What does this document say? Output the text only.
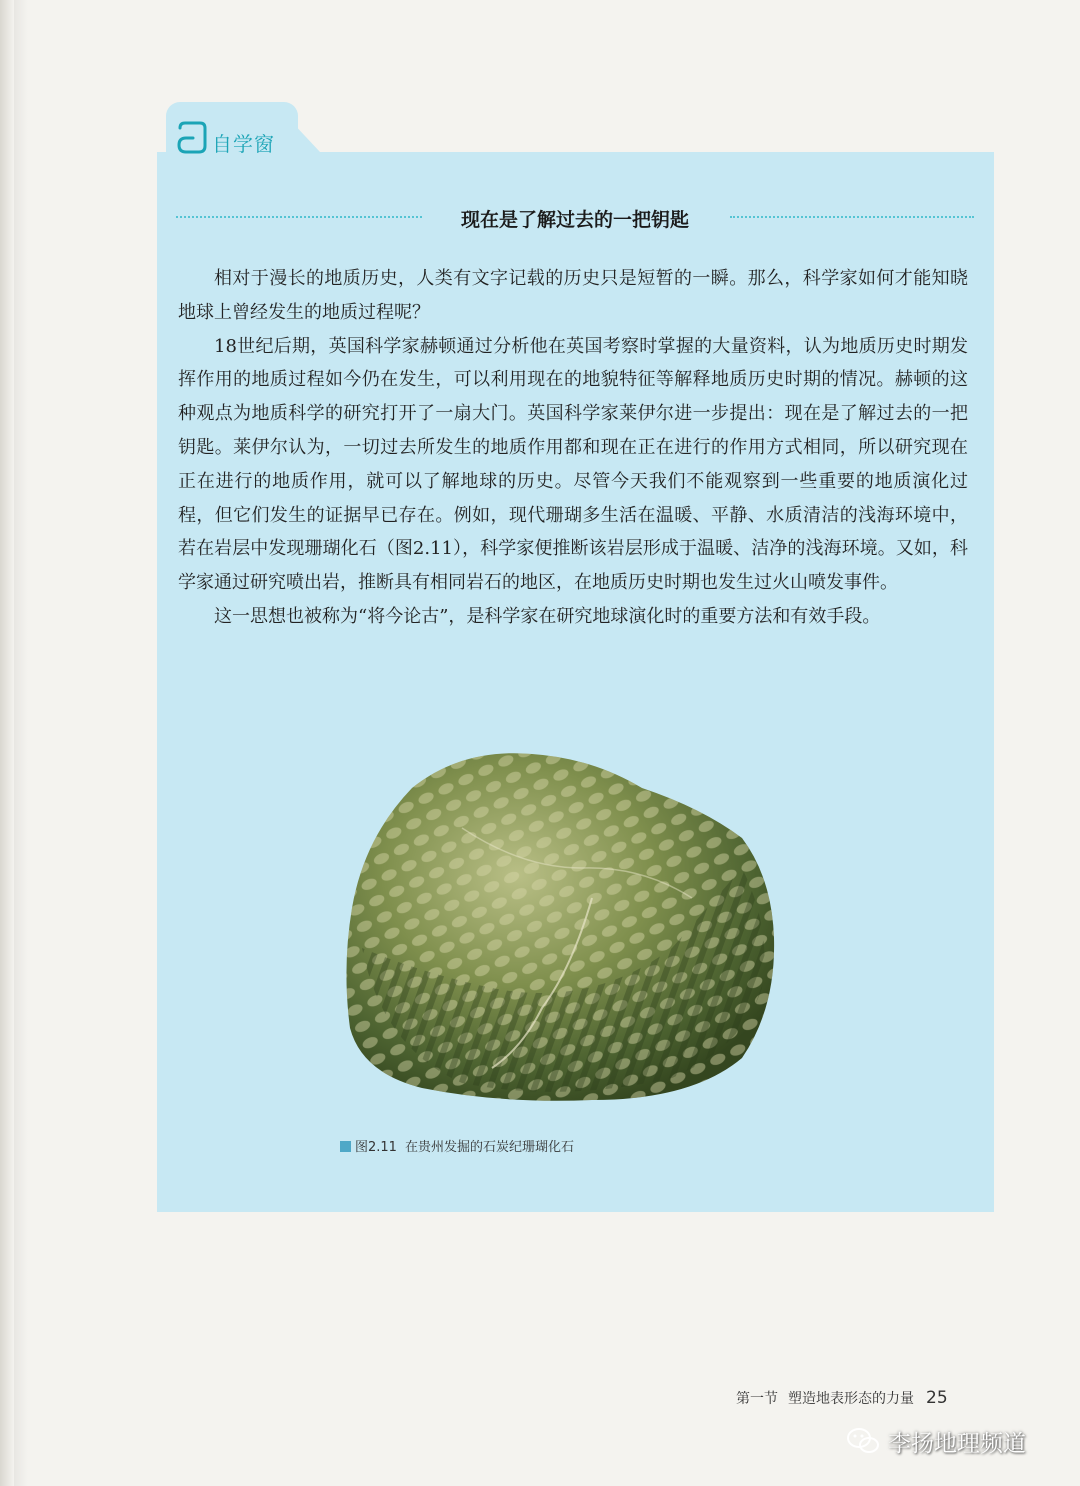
自学窗
现在是了解过去的一把钥匙

相对于漫长的地质历史，人类有文字记载的历史只是短暂的一瞬。那么，科学家如何才能知晓地球上曾经发生的地质过程呢？

18世纪后期，英国科学家赫顿通过分析他在英国考察时掌握的大量资料，认为地质历史时期发挥作用的地质过程如今仍在发生，可以利用现在的地貌特征等解释地质历史时期的情况。赫顿的这种观点为地质科学的研究打开了一扇大门。英国科学家莱伊尔进一步提出：现在是了解过去的一把钥匙。莱伊尔认为，一切过去所发生的地质作用都和现在正在进行的作用方式相同，所以研究现在正在进行的地质作用，就可以了解地球的历史。尽管今天我们不能观察到一些重要的地质演化过程，但它们发生的证据早已存在。例如，现代珊瑚多生活在温暖、平静、水质清洁的浅海环境中，若在岩层中发现珊瑚化石（图2.11），科学家便推断该岩层形成于温暖、洁净的浅海环境。又如，科学家通过研究喷出岩，推断具有相同岩石的地区，在地质历史时期也发生过火山喷发事件。

这一思想也被称为“将今论古”，是科学家在研究地球演化时的重要方法和有效手段。

图2.11 在贵州发掘的石炭纪珊瑚化石
第一节 塑造地表形态的力量 25
李扬地理频道
